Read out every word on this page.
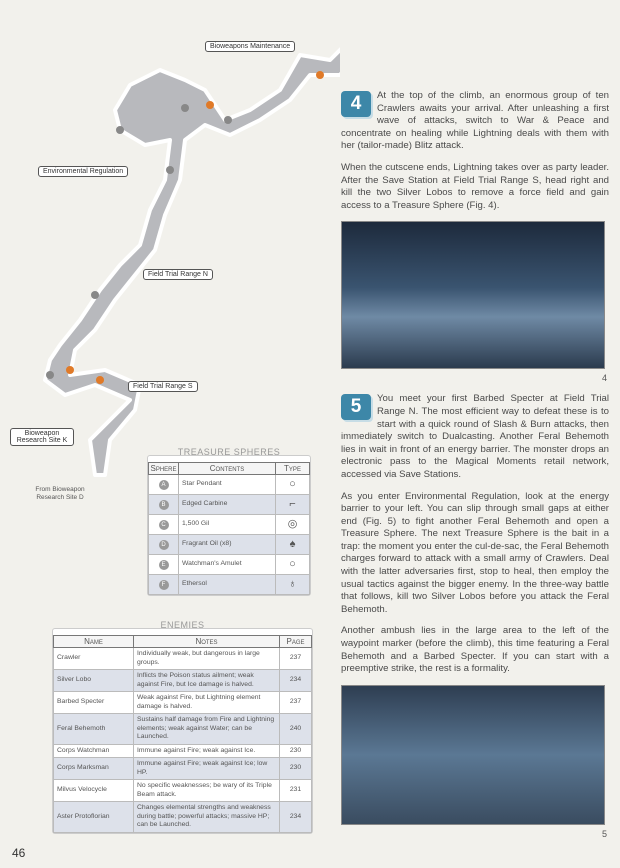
Bioweapons Maintenance
Environmental Regulation
Field Trial Range N
Field Trial Range S
Bioweapon Research Site K
From Bioweapon Research Site D
4	At the top of the climb, an enormous group of ten Crawlers awaits your arrival. After unleashing a first wave of attacks, switch to War & Peace and concentrate on healing while Lightning deals with them with her (tailor-made) Blitz attack.
When the cutscene ends, Lightning takes over as party leader. After the Save Station at Field Trial Range S, head right and kill the two Silver Lobos to remove a force field and gain access to a Treasure Sphere (Fig. 4).
4
5	You meet your first Barbed Specter at Field Trial Range N. The most efficient way to defeat these is to start with a quick round of Slash & Burn attacks, then immediately switch to Dualcasting. Another Feral Behemoth lies in wait in front of an energy barrier. The monster drops an electronic pass to the Magical Moments retail network, accessed via Save Stations.
As you enter Environmental Regulation, look at the energy barrier to your left. You can slip through small gaps at either end (Fig. 5) to fight another Feral Behemoth and open a Treasure Sphere. The next Treasure Sphere is the bait in a trap: the moment you enter the cul-de-sac, the Feral Behemoth charges forward to attack with a small army of Crawlers. Deal with the latter adversaries first, stop to heal, then employ the usual tactics against the bigger enemy. In the three-way battle that follows, kill two Silver Lobos before you attack the Feral Behemoth.
Another ambush lies in the large area to the left of the waypoint marker (before the climb), this time featuring a Feral Behemoth and a Barbed Specter. If you can start with a preemptive strike, the rest is a formality.
5
TREASURE SPHERES
Sphere	Contents	Type
A	Star Pendant	○
B	Edged Carbine	⌐
C	1,500 Gil	◎
D	Fragrant Oil (x8)	♠
E	Watchman's Amulet	○
F	Ethersol	♁
ENEMIES
Name	Notes	Page
Crawler	Individually weak, but dangerous in large groups.	237
Silver Lobo	Inflicts the Poison status ailment; weak against Fire, but Ice damage is halved.	234
Barbed Specter	Weak against Fire, but Lightning element damage is halved.	237
Feral Behemoth	Sustains half damage from Fire and Lightning elements; weak against Water; can be Launched.	240
Corps Watchman	Immune against Fire; weak against Ice.	230
Corps Marksman	Immune against Fire; weak against Ice; low HP.	230
Milvus Velocycle	No specific weaknesses; be wary of its Triple Beam attack.	231
Aster Protoflorian	Changes elemental strengths and weakness during battle; powerful attacks; massive HP; can be Launched.	234
46
